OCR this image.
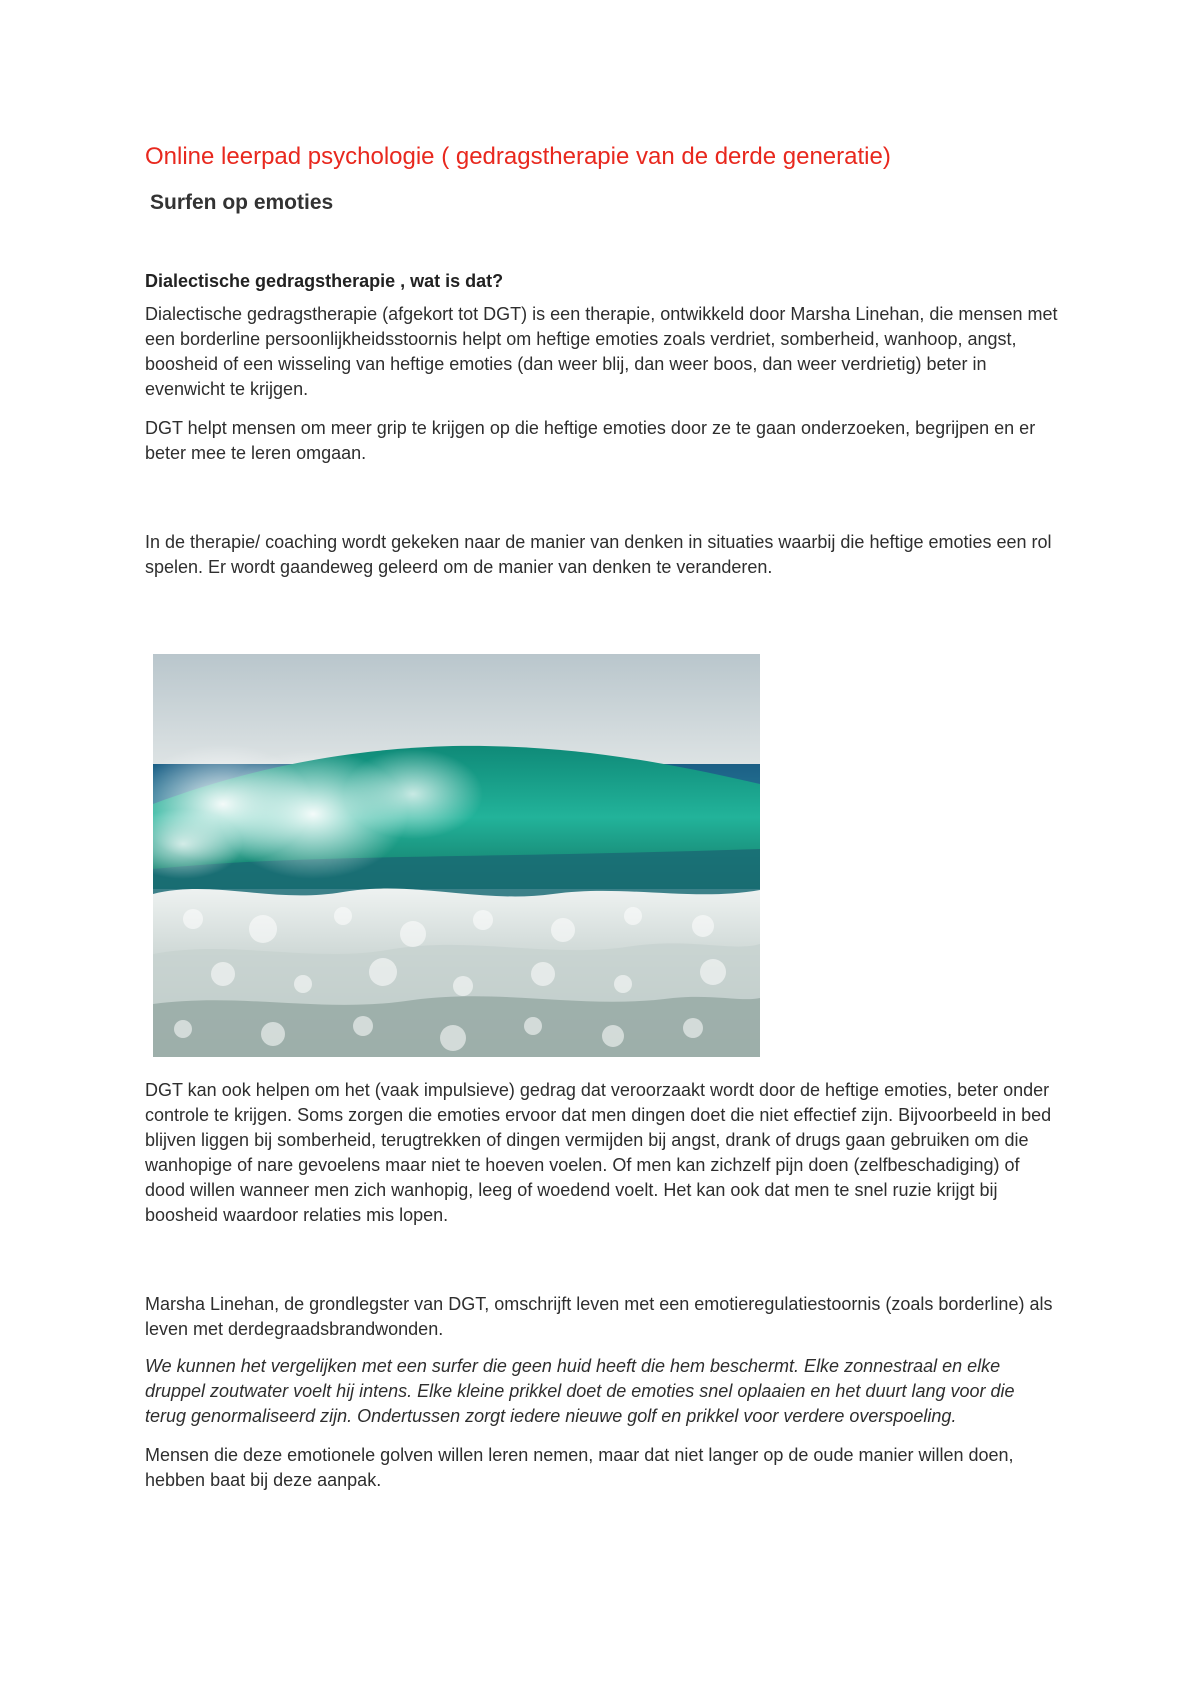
Online leerpad psychologie ( gedragstherapie van de derde generatie)
Surfen op emoties
Dialectische gedragstherapie , wat is dat?

Dialectische gedragstherapie (afgekort tot DGT) is een therapie, ontwikkeld door Marsha Linehan, die mensen met een borderline persoonlijkheidsstoornis helpt om heftige emoties zoals verdriet, somberheid, wanhoop, angst, boosheid of een wisseling van heftige emoties (dan weer blij, dan weer boos, dan weer verdrietig) beter in evenwicht te krijgen.

DGT helpt mensen om meer grip te krijgen op die heftige emoties door ze te gaan onderzoeken, begrijpen en er beter mee te leren omgaan.

In de therapie/ coaching wordt gekeken naar de manier van denken in situaties waarbij die heftige emoties een rol spelen. Er wordt gaandeweg geleerd om de manier van denken te veranderen.

DGT kan ook helpen om het (vaak impulsieve) gedrag dat veroorzaakt wordt door de heftige emoties, beter onder controle te krijgen. Soms zorgen die emoties ervoor dat men dingen doet die niet effectief zijn. Bijvoorbeeld in bed blijven liggen bij somberheid, terugtrekken of dingen vermijden bij angst, drank of drugs gaan gebruiken om die wanhopige of nare gevoelens maar niet te hoeven voelen. Of men kan zichzelf pijn doen (zelfbeschadiging) of dood willen wanneer men zich wanhopig, leeg of woedend voelt. Het kan ook dat men te snel ruzie krijgt bij boosheid waardoor relaties mis lopen.

Marsha Linehan, de grondlegster van DGT, omschrijft leven met een emotieregulatiestoornis (zoals borderline) als leven met derdegraadsbrandwonden.

We kunnen het vergelijken met een surfer die geen huid heeft die hem beschermt. Elke zonnestraal en elke druppel zoutwater voelt hij intens. Elke kleine prikkel doet de emoties snel oplaaien en het duurt lang voor die terug genormaliseerd zijn. Ondertussen zorgt iedere nieuwe golf en prikkel voor verdere overspoeling.

Mensen die deze emotionele golven willen leren nemen, maar dat niet langer op de oude manier willen doen, hebben baat bij deze aanpak.
